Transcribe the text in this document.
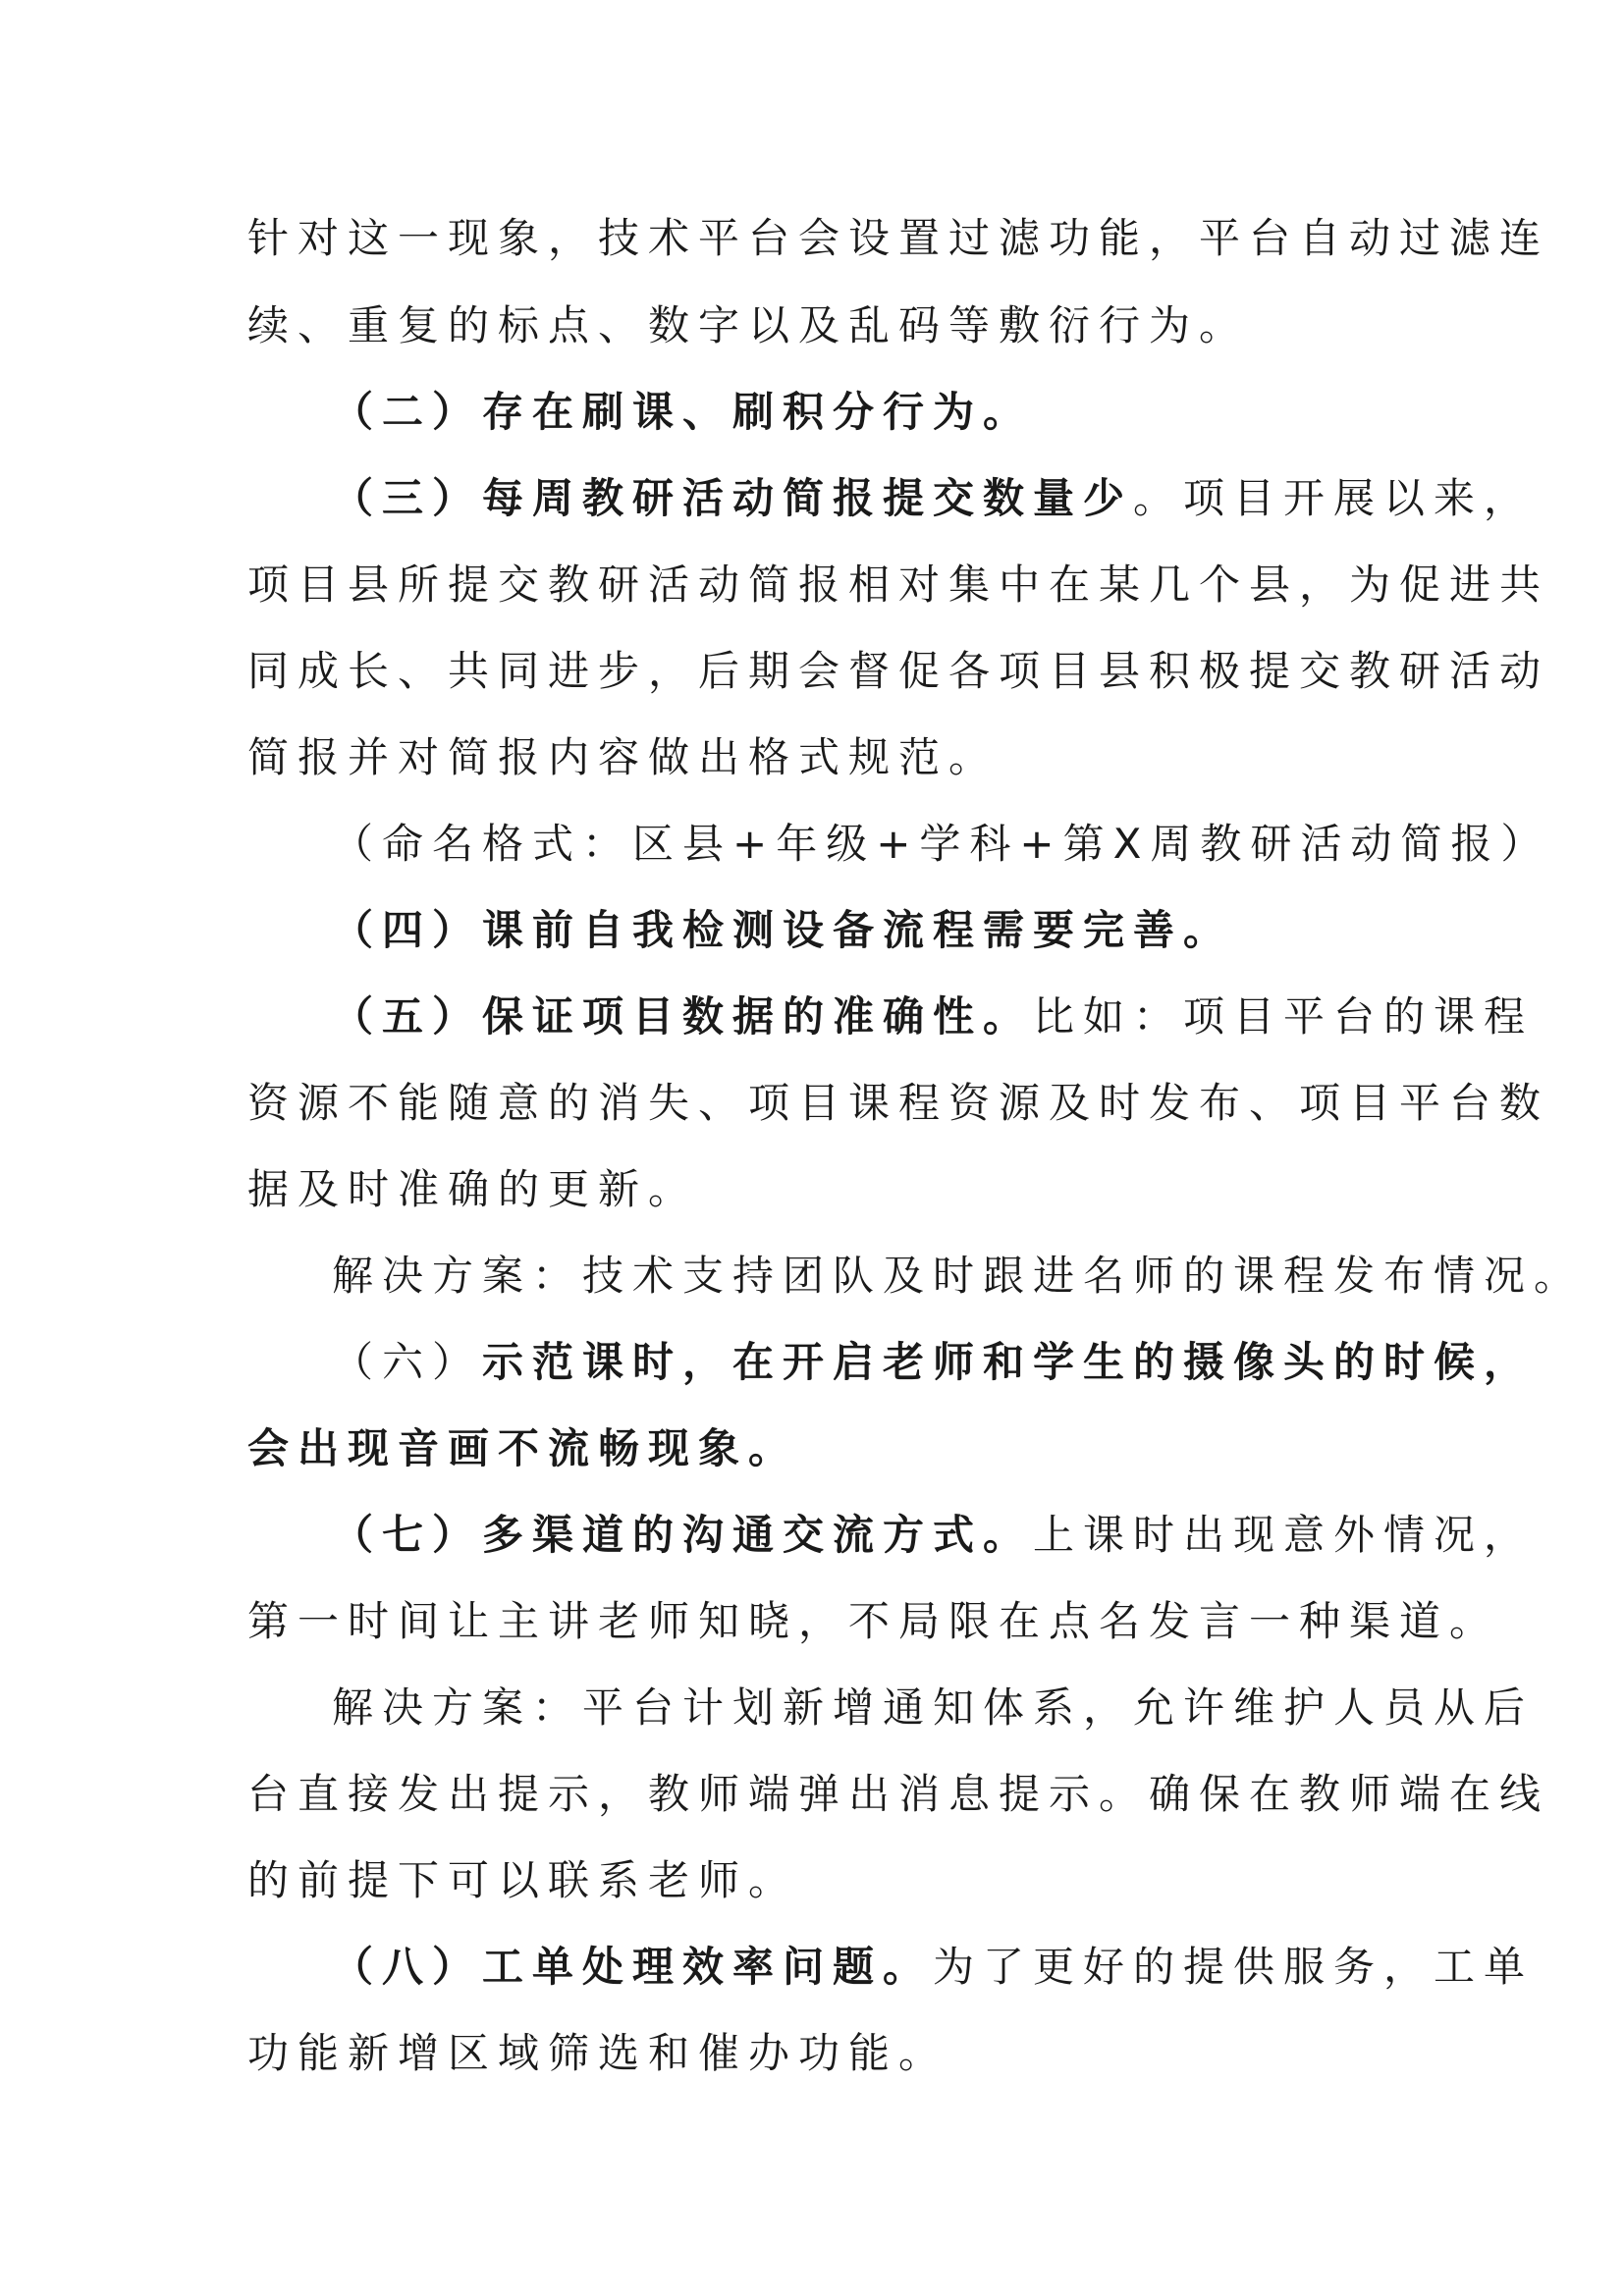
针对这一现象，技术平台会设置过滤功能，平台自动过滤连
续、重复的标点、数字以及乱码等敷衍行为。
（二）存在刷课、刷积分行为。
（三）每周教研活动简报提交数量少。项目开展以来，
项目县所提交教研活动简报相对集中在某几个县，为促进共
同成长、共同进步，后期会督促各项目县积极提交教研活动
简报并对简报内容做出格式规范。
（命名格式：区县+年级+学科+第X周教研活动简报）
（四）课前自我检测设备流程需要完善。
（五）保证项目数据的准确性。比如：项目平台的课程
资源不能随意的消失、项目课程资源及时发布、项目平台数
据及时准确的更新。
解决方案：技术支持团队及时跟进名师的课程发布情况。
（六）示范课时，在开启老师和学生的摄像头的时候，
会出现音画不流畅现象。
（七）多渠道的沟通交流方式。上课时出现意外情况，
第一时间让主讲老师知晓，不局限在点名发言一种渠道。
解决方案：平台计划新增通知体系，允许维护人员从后
台直接发出提示，教师端弹出消息提示。确保在教师端在线
的前提下可以联系老师。
（八）工单处理效率问题。为了更好的提供服务，工单
功能新增区域筛选和催办功能。
